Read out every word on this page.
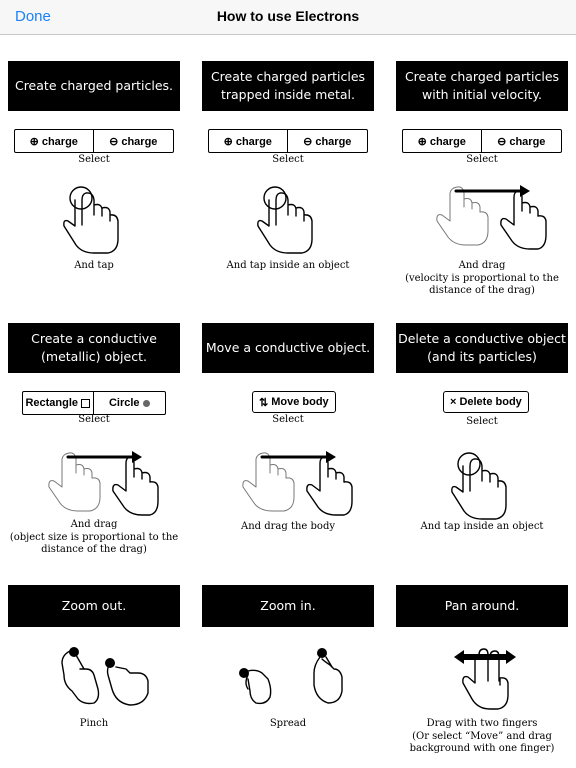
Done	How to use Electrons
Create charged particles.
⊕ charge	⊖ charge
Select
And tap
Create charged particles trapped inside metal.
⊕ charge	⊖ charge
Select
And tap inside an object
Create charged particles with initial velocity.
⊕ charge	⊖ charge
Select
And drag
(velocity is proportional to the distance of the drag)
Create a conductive (metallic) object.
Rectangle	Circle
Select
And drag
(object size is proportional to the distance of the drag)
Move a conductive object.
⇅ Move body
Select
And drag the body
Delete a conductive object (and its particles)
× Delete body
Select
And tap inside an object
Zoom out.
Pinch
Zoom in.
Spread
Pan around.
Drag with two fingers
(Or select “Move” and drag background with one finger)
